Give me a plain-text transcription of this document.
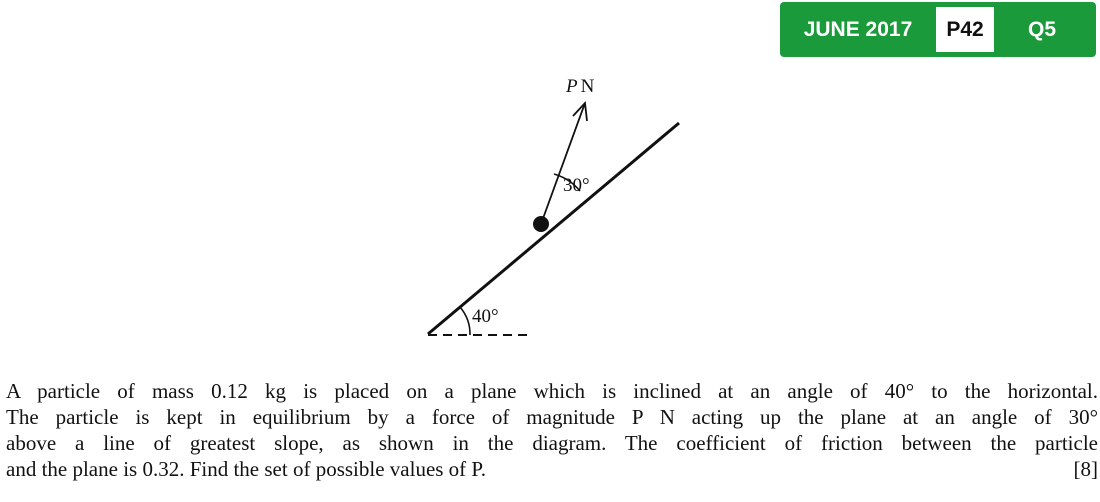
JUNE 2017	P42	Q5
40°
30°
P N
A particle of mass 0.12 kg is placed on a plane which is inclined at an angle of 40° to the horizontal.
The particle is kept in equilibrium by a force of magnitude P N acting up the plane at an angle of 30°
above a line of greatest slope, as shown in the diagram. The coefficient of friction between the particle
and the plane is 0.32. Find the set of possible values of P.	[8]
